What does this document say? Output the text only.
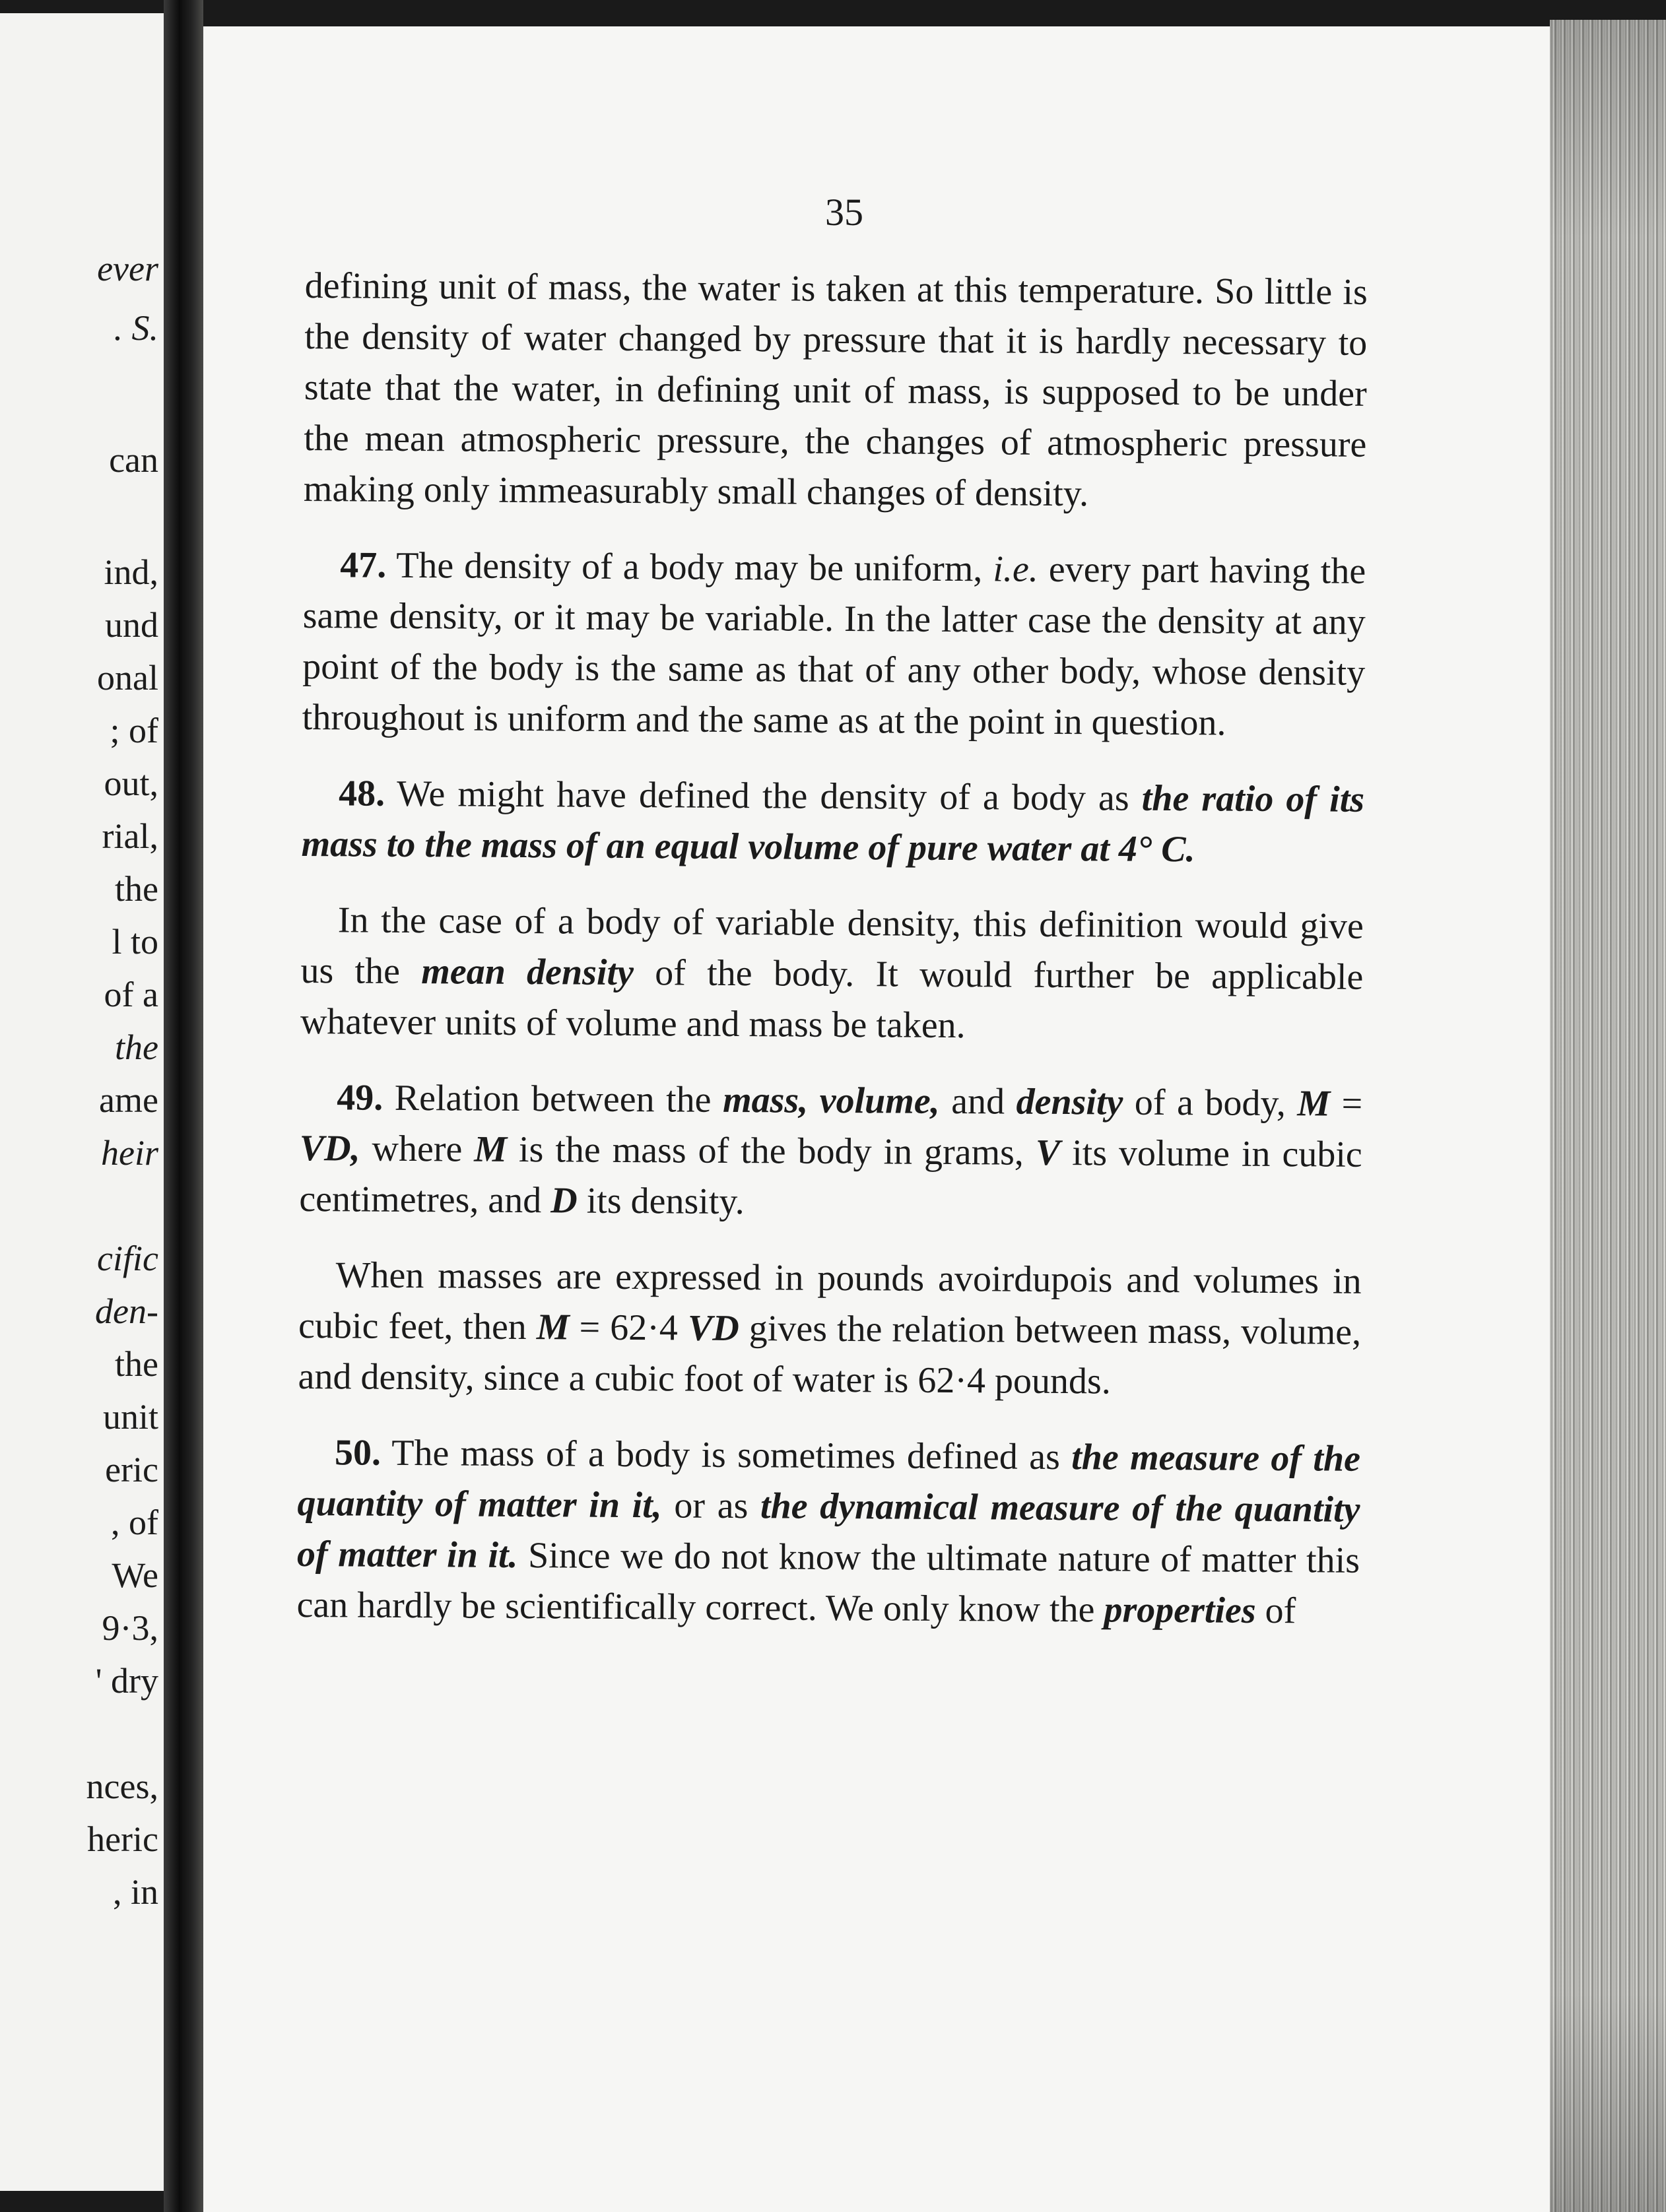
ever
. S.
can
ind,
und
onal
; of
out,
rial,
the
l to
of a
the
ame
heir
cific
den-
the
unit
eric
, of
We
9·3,
' dry
nces,
heric
, in
35

defining unit of mass, the water is taken at this temperature. So little is the density of water changed by pressure that it is hardly necessary to state that the water, in defining unit of mass, is supposed to be under the mean atmospheric pressure, the changes of atmospheric pressure making only immeasurably small changes of density.

47. The density of a body may be uniform, i.e. every part having the same density, or it may be variable. In the latter case the density at any point of the body is the same as that of any other body, whose density throughout is uniform and the same as at the point in question.

48. We might have defined the density of a body as the ratio of its mass to the mass of an equal volume of pure water at 4° C.

In the case of a body of variable density, this definition would give us the mean density of the body. It would further be applicable whatever units of volume and mass be taken.

49. Relation between the mass, volume, and density of a body, M = VD, where M is the mass of the body in grams, V its volume in cubic centimetres, and D its density.

When masses are expressed in pounds avoirdupois and volumes in cubic feet, then M = 62·4 VD gives the relation between mass, volume, and density, since a cubic foot of water is 62·4 pounds.

50. The mass of a body is sometimes defined as the measure of the quantity of matter in it, or as the dynamical measure of the quantity of matter in it. Since we do not know the ultimate nature of matter this can hardly be scientifically correct. We only know the properties of
